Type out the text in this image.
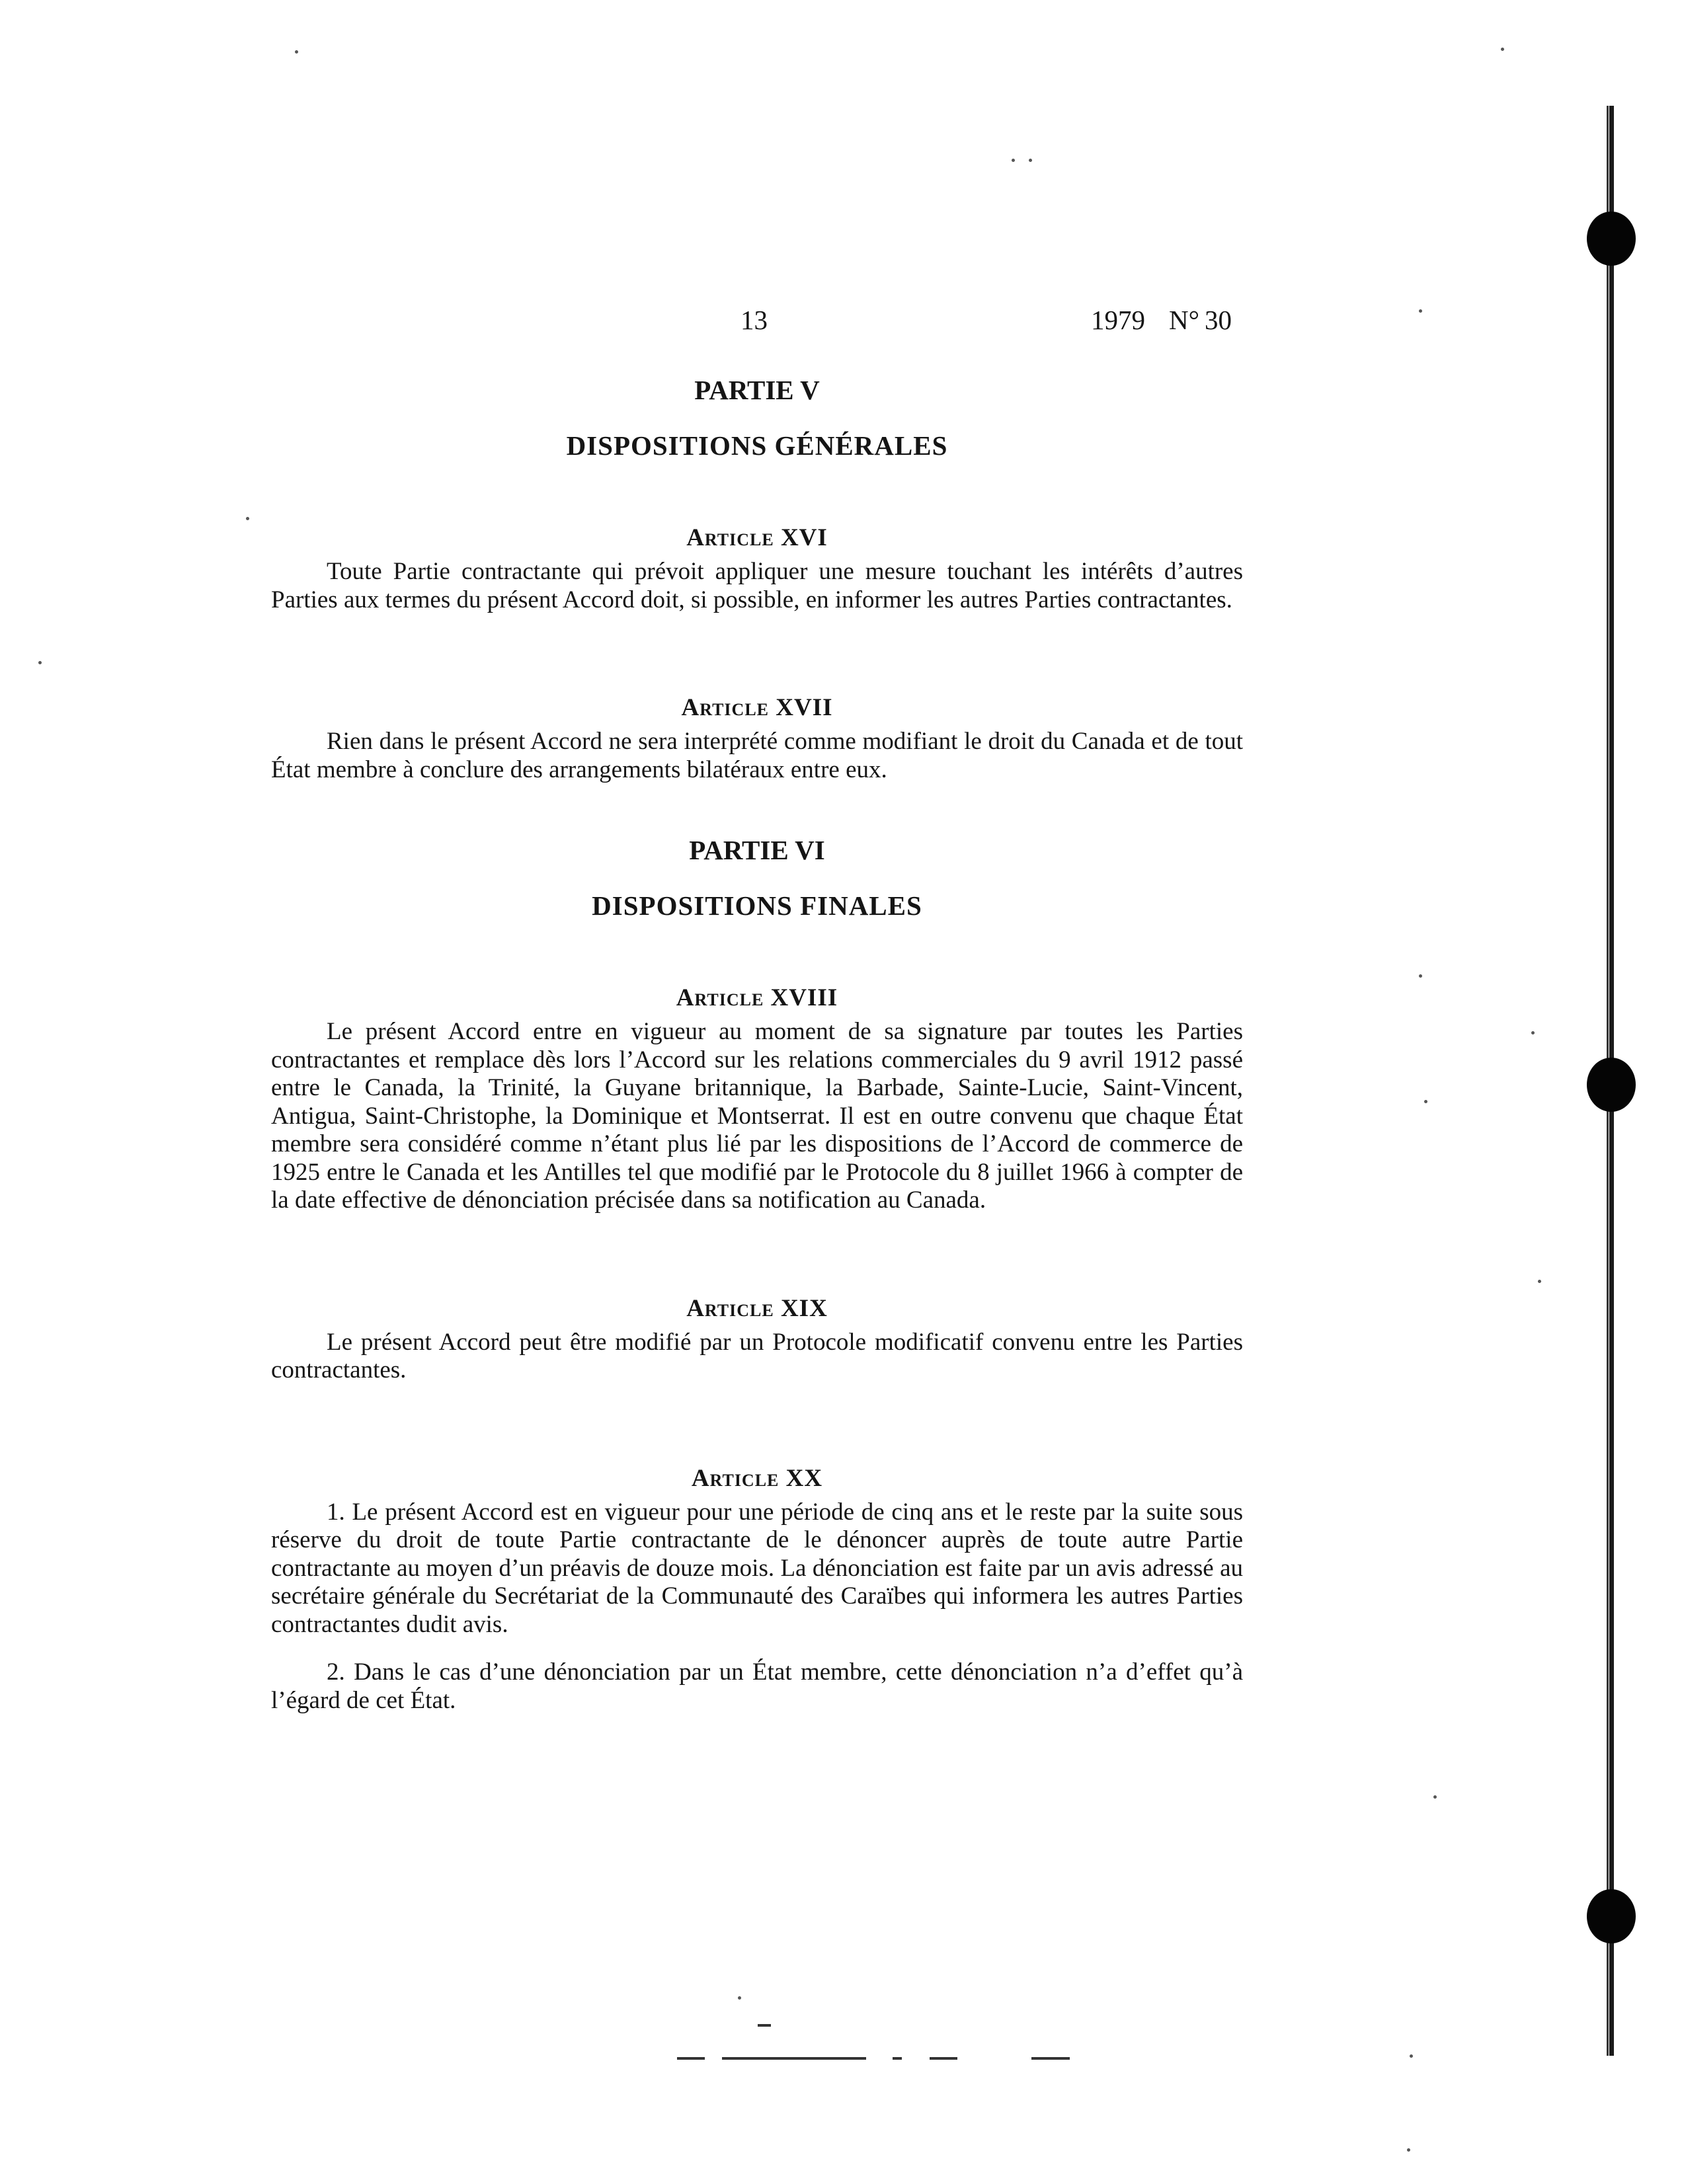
13	1979 N° 30
PARTIE V
DISPOSITIONS GÉNÉRALES
Article XVI

Toute Partie contractante qui prévoit appliquer une mesure touchant les intérêts d’autres Parties aux termes du présent Accord doit, si possible, en informer les autres Parties contractantes.

Article XVII

Rien dans le présent Accord ne sera interprété comme modifiant le droit du Canada et de tout État membre à conclure des arrangements bilatéraux entre eux.

PARTIE VI
DISPOSITIONS FINALES
Article XVIII

Le présent Accord entre en vigueur au moment de sa signature par toutes les Parties contractantes et remplace dès lors l’Accord sur les relations commerciales du 9 avril 1912 passé entre le Canada, la Trinité, la Guyane britannique, la Barbade, Sainte-Lucie, Saint-Vincent, Antigua, Saint-Christophe, la Dominique et Montserrat. Il est en outre convenu que chaque État membre sera considéré comme n’étant plus lié par les dispositions de l’Accord de commerce de 1925 entre le Canada et les Antilles tel que modifié par le Protocole du 8 juillet 1966 à compter de la date effective de dénonciation précisée dans sa notification au Canada.

Article XIX

Le présent Accord peut être modifié par un Protocole modificatif convenu entre les Parties contractantes.

Article XX

1. Le présent Accord est en vigueur pour une période de cinq ans et le reste par la suite sous réserve du droit de toute Partie contractante de le dénoncer auprès de toute autre Partie contractante au moyen d’un préavis de douze mois. La dénonciation est faite par un avis adressé au secrétaire générale du Secrétariat de la Communauté des Caraïbes qui informera les autres Parties contractantes dudit avis.

2. Dans le cas d’une dénonciation par un État membre, cette dénonciation n’a d’effet qu’à l’égard de cet État.
